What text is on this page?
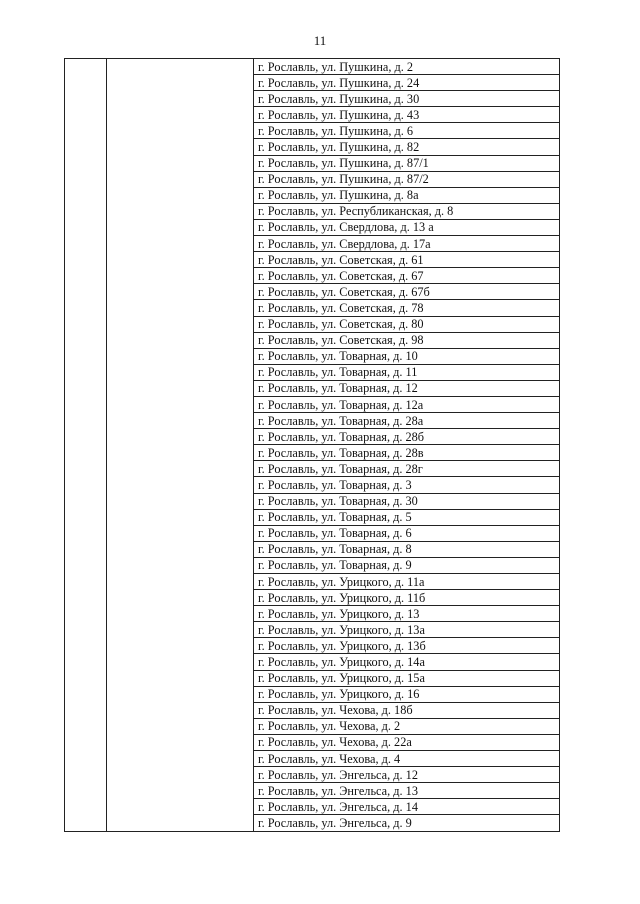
11
		г. Рославль, ул. Пушкина, д. 2
г. Рославль, ул. Пушкина, д. 24
г. Рославль, ул. Пушкина, д. 30
г. Рославль, ул. Пушкина, д. 43
г. Рославль, ул. Пушкина, д. 6
г. Рославль, ул. Пушкина, д. 82
г. Рославль, ул. Пушкина, д. 87/1
г. Рославль, ул. Пушкина, д. 87/2
г. Рославль, ул. Пушкина, д. 8а
г. Рославль, ул. Республиканская, д. 8
г. Рославль, ул. Свердлова, д. 13 а
г. Рославль, ул. Свердлова, д. 17а
г. Рославль, ул. Советская, д. 61
г. Рославль, ул. Советская, д. 67
г. Рославль, ул. Советская, д. 67б
г. Рославль, ул. Советская, д. 78
г. Рославль, ул. Советская, д. 80
г. Рославль, ул. Советская, д. 98
г. Рославль, ул. Товарная, д. 10
г. Рославль, ул. Товарная, д. 11
г. Рославль, ул. Товарная, д. 12
г. Рославль, ул. Товарная, д. 12а
г. Рославль, ул. Товарная, д. 28а
г. Рославль, ул. Товарная, д. 28б
г. Рославль, ул. Товарная, д. 28в
г. Рославль, ул. Товарная, д. 28г
г. Рославль, ул. Товарная, д. 3
г. Рославль, ул. Товарная, д. 30
г. Рославль, ул. Товарная, д. 5
г. Рославль, ул. Товарная, д. 6
г. Рославль, ул. Товарная, д. 8
г. Рославль, ул. Товарная, д. 9
г. Рославль, ул. Урицкого, д. 11а
г. Рославль, ул. Урицкого, д. 11б
г. Рославль, ул. Урицкого, д. 13
г. Рославль, ул. Урицкого, д. 13а
г. Рославль, ул. Урицкого, д. 13б
г. Рославль, ул. Урицкого, д. 14а
г. Рославль, ул. Урицкого, д. 15а
г. Рославль, ул. Урицкого, д. 16
г. Рославль, ул. Чехова, д. 18б
г. Рославль, ул. Чехова, д. 2
г. Рославль, ул. Чехова, д. 22а
г. Рославль, ул. Чехова, д. 4
г. Рославль, ул. Энгельса, д. 12
г. Рославль, ул. Энгельса, д. 13
г. Рославль, ул. Энгельса, д. 14
г. Рославль, ул. Энгельса, д. 9
